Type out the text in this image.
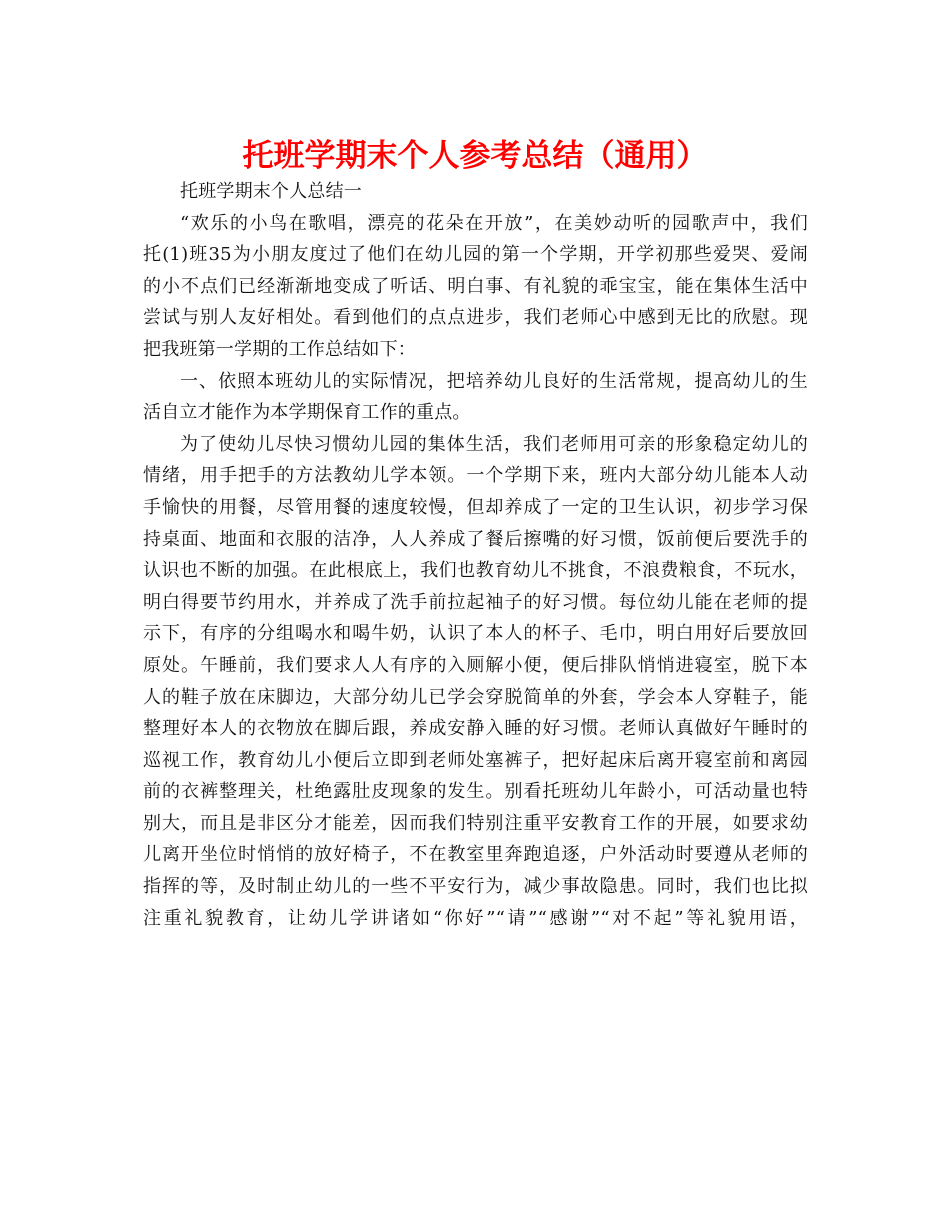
托班学期末个人参考总结（通用）
托班学期末个人总结一
“欢乐的小鸟在歌唱，漂亮的花朵在开放”，在美妙动听的园歌声中，我们
托(1)班35为小朋友度过了他们在幼儿园的第一个学期，开学初那些爱哭、爱闹
的小不点们已经渐渐地变成了听话、明白事、有礼貌的乖宝宝，能在集体生活中
尝试与别人友好相处。看到他们的点点进步，我们老师心中感到无比的欣慰。现
把我班第一学期的工作总结如下：
一、依照本班幼儿的实际情况，把培养幼儿良好的生活常规，提高幼儿的生
活自立才能作为本学期保育工作的重点。
为了使幼儿尽快习惯幼儿园的集体生活，我们老师用可亲的形象稳定幼儿的
情绪，用手把手的方法教幼儿学本领。一个学期下来，班内大部分幼儿能本人动
手愉快的用餐，尽管用餐的速度较慢，但却养成了一定的卫生认识，初步学习保
持桌面、地面和衣服的洁净，人人养成了餐后擦嘴的好习惯，饭前便后要洗手的
认识也不断的加强。在此根底上，我们也教育幼儿不挑食，不浪费粮食，不玩水，
明白得要节约用水，并养成了洗手前拉起袖子的好习惯。每位幼儿能在老师的提
示下，有序的分组喝水和喝牛奶，认识了本人的杯子、毛巾，明白用好后要放回
原处。午睡前，我们要求人人有序的入厕解小便，便后排队悄悄进寝室，脱下本
人的鞋子放在床脚边，大部分幼儿已学会穿脱简单的外套，学会本人穿鞋子，能
整理好本人的衣物放在脚后跟，养成安静入睡的好习惯。老师认真做好午睡时的
巡视工作，教育幼儿小便后立即到老师处塞裤子，把好起床后离开寝室前和离园
前的衣裤整理关，杜绝露肚皮现象的发生。别看托班幼儿年龄小，可活动量也特
别大，而且是非区分才能差，因而我们特别注重平安教育工作的开展，如要求幼
儿离开坐位时悄悄的放好椅子，不在教室里奔跑追逐，户外活动时要遵从老师的
指挥的等，及时制止幼儿的一些不平安行为，减少事故隐患。同时，我们也比拟
注重礼貌教育，让幼儿学讲诸如“你好”“请”“感谢”“对不起”等礼貌用语，
